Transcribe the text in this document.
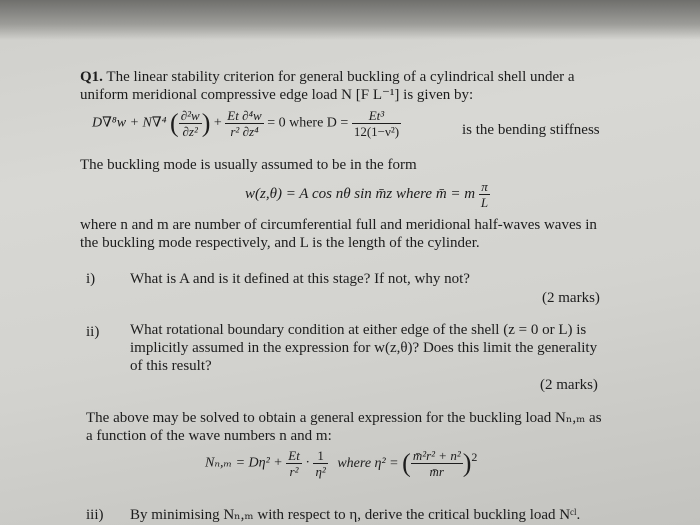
Q1. The linear stability criterion for general buckling of a cylindrical shell under a
uniform meridional compressive edge load N [F L⁻¹] is given by:
D∇⁸w + N∇⁴ ( $\frac{\text{∂²w}}{\text{∂z²}}$ ) + $\frac{\text{Et ∂⁴w}}{\text{r² ∂z⁴}} = 0$ where $D = \frac{\text{Et³}}{\text{12(1−ν²)}}$	is the bending stiffness
The buckling mode is usually assumed to be in the form
w(z,θ) = A cos nθ sin m̄z where m̄ = m $\frac{\pi}{L}$
where n and m are number of circumferential full and meridional half-waves waves in
the buckling mode respectively, and L is the length of the cylinder.
i) What is A and is it defined at this stage? If not, why not?
(2 marks)
ii) What rotational boundary condition at either edge of the shell (z = 0 or L) is
implicitly assumed in the expression for w(z,θ)? Does this limit the generality
of this result?
(2 marks)
The above may be solved to obtain a general expression for the buckling load Nₙ,ₘ as
a function of the wave numbers n and m:
$N_n,_m = D\eta^2 + \frac{Et}{\text{r²}} \cdot \frac{1}{\text{η²}}$ where η² = ( $\frac{\text{m̄²r² + n²}}{m̄r} )^2$
iii) By minimising Nₙ,ₘ with respect to η, derive the critical buckling load Nᶜˡ.
